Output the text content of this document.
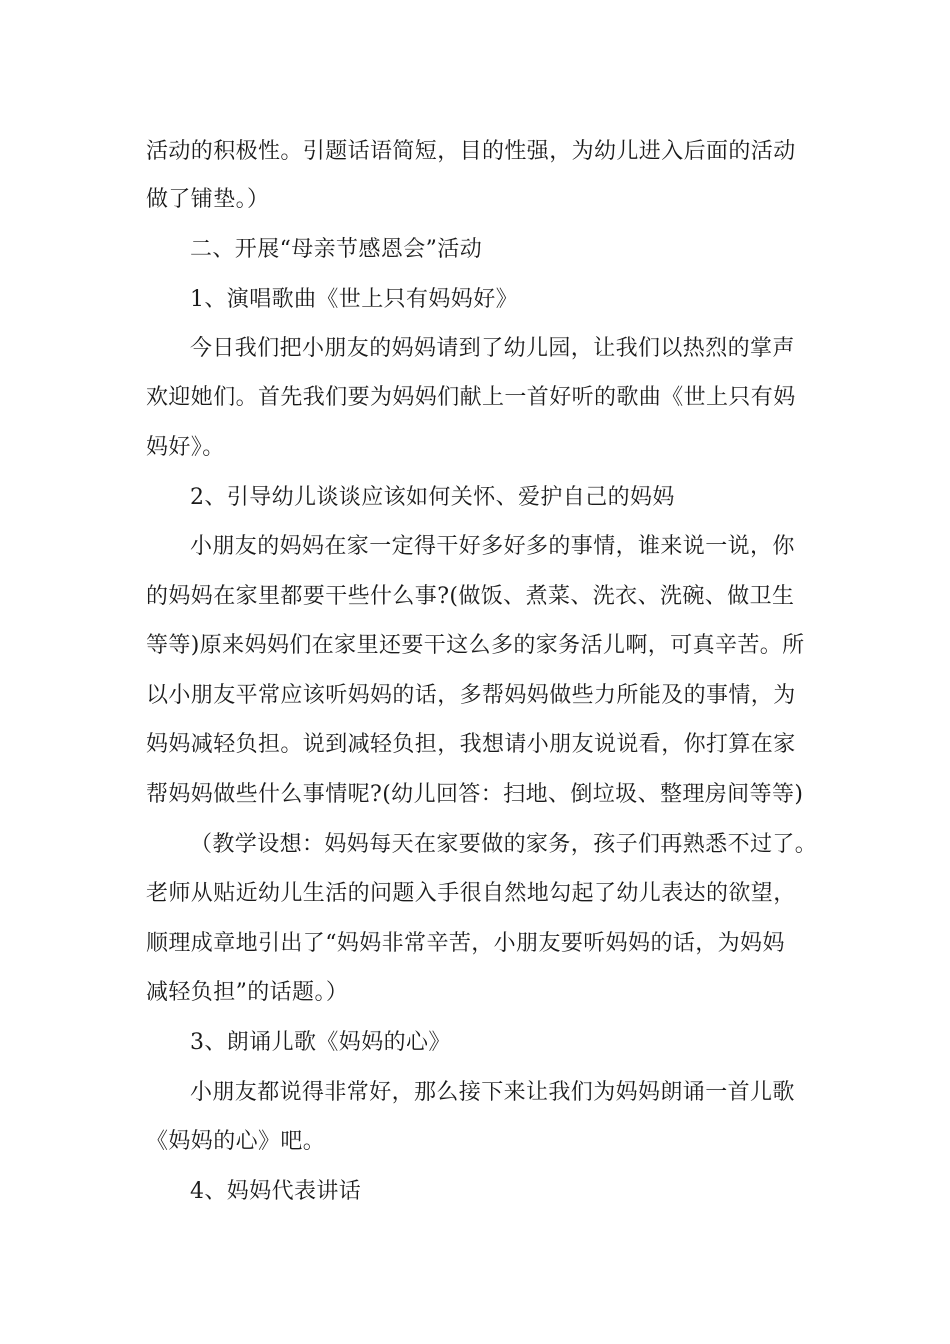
活动的积极性。引题话语简短，目的性强，为幼儿进入后面的活动
做了铺垫。）
二、开展“母亲节感恩会”活动
1、演唱歌曲《世上只有妈妈好》
今日我们把小朋友的妈妈请到了幼儿园，让我们以热烈的掌声
欢迎她们。首先我们要为妈妈们献上一首好听的歌曲《世上只有妈
妈好》。
2、引导幼儿谈谈应该如何关怀、爱护自己的妈妈
小朋友的妈妈在家一定得干好多好多的事情，谁来说一说，你
的妈妈在家里都要干些什么事?(做饭、煮菜、洗衣、洗碗、做卫生
等等)原来妈妈们在家里还要干这么多的家务活儿啊，可真辛苦。所
以小朋友平常应该听妈妈的话，多帮妈妈做些力所能及的事情，为
妈妈减轻负担。说到减轻负担，我想请小朋友说说看，你打算在家
帮妈妈做些什么事情呢?(幼儿回答：扫地、倒垃圾、整理房间等等)
（教学设想：妈妈每天在家要做的家务，孩子们再熟悉不过了。
老师从贴近幼儿生活的问题入手很自然地勾起了幼儿表达的欲望，
顺理成章地引出了“妈妈非常辛苦，小朋友要听妈妈的话，为妈妈
减轻负担”的话题。）
3、朗诵儿歌《妈妈的心》
小朋友都说得非常好，那么接下来让我们为妈妈朗诵一首儿歌
《妈妈的心》吧。
4、妈妈代表讲话
